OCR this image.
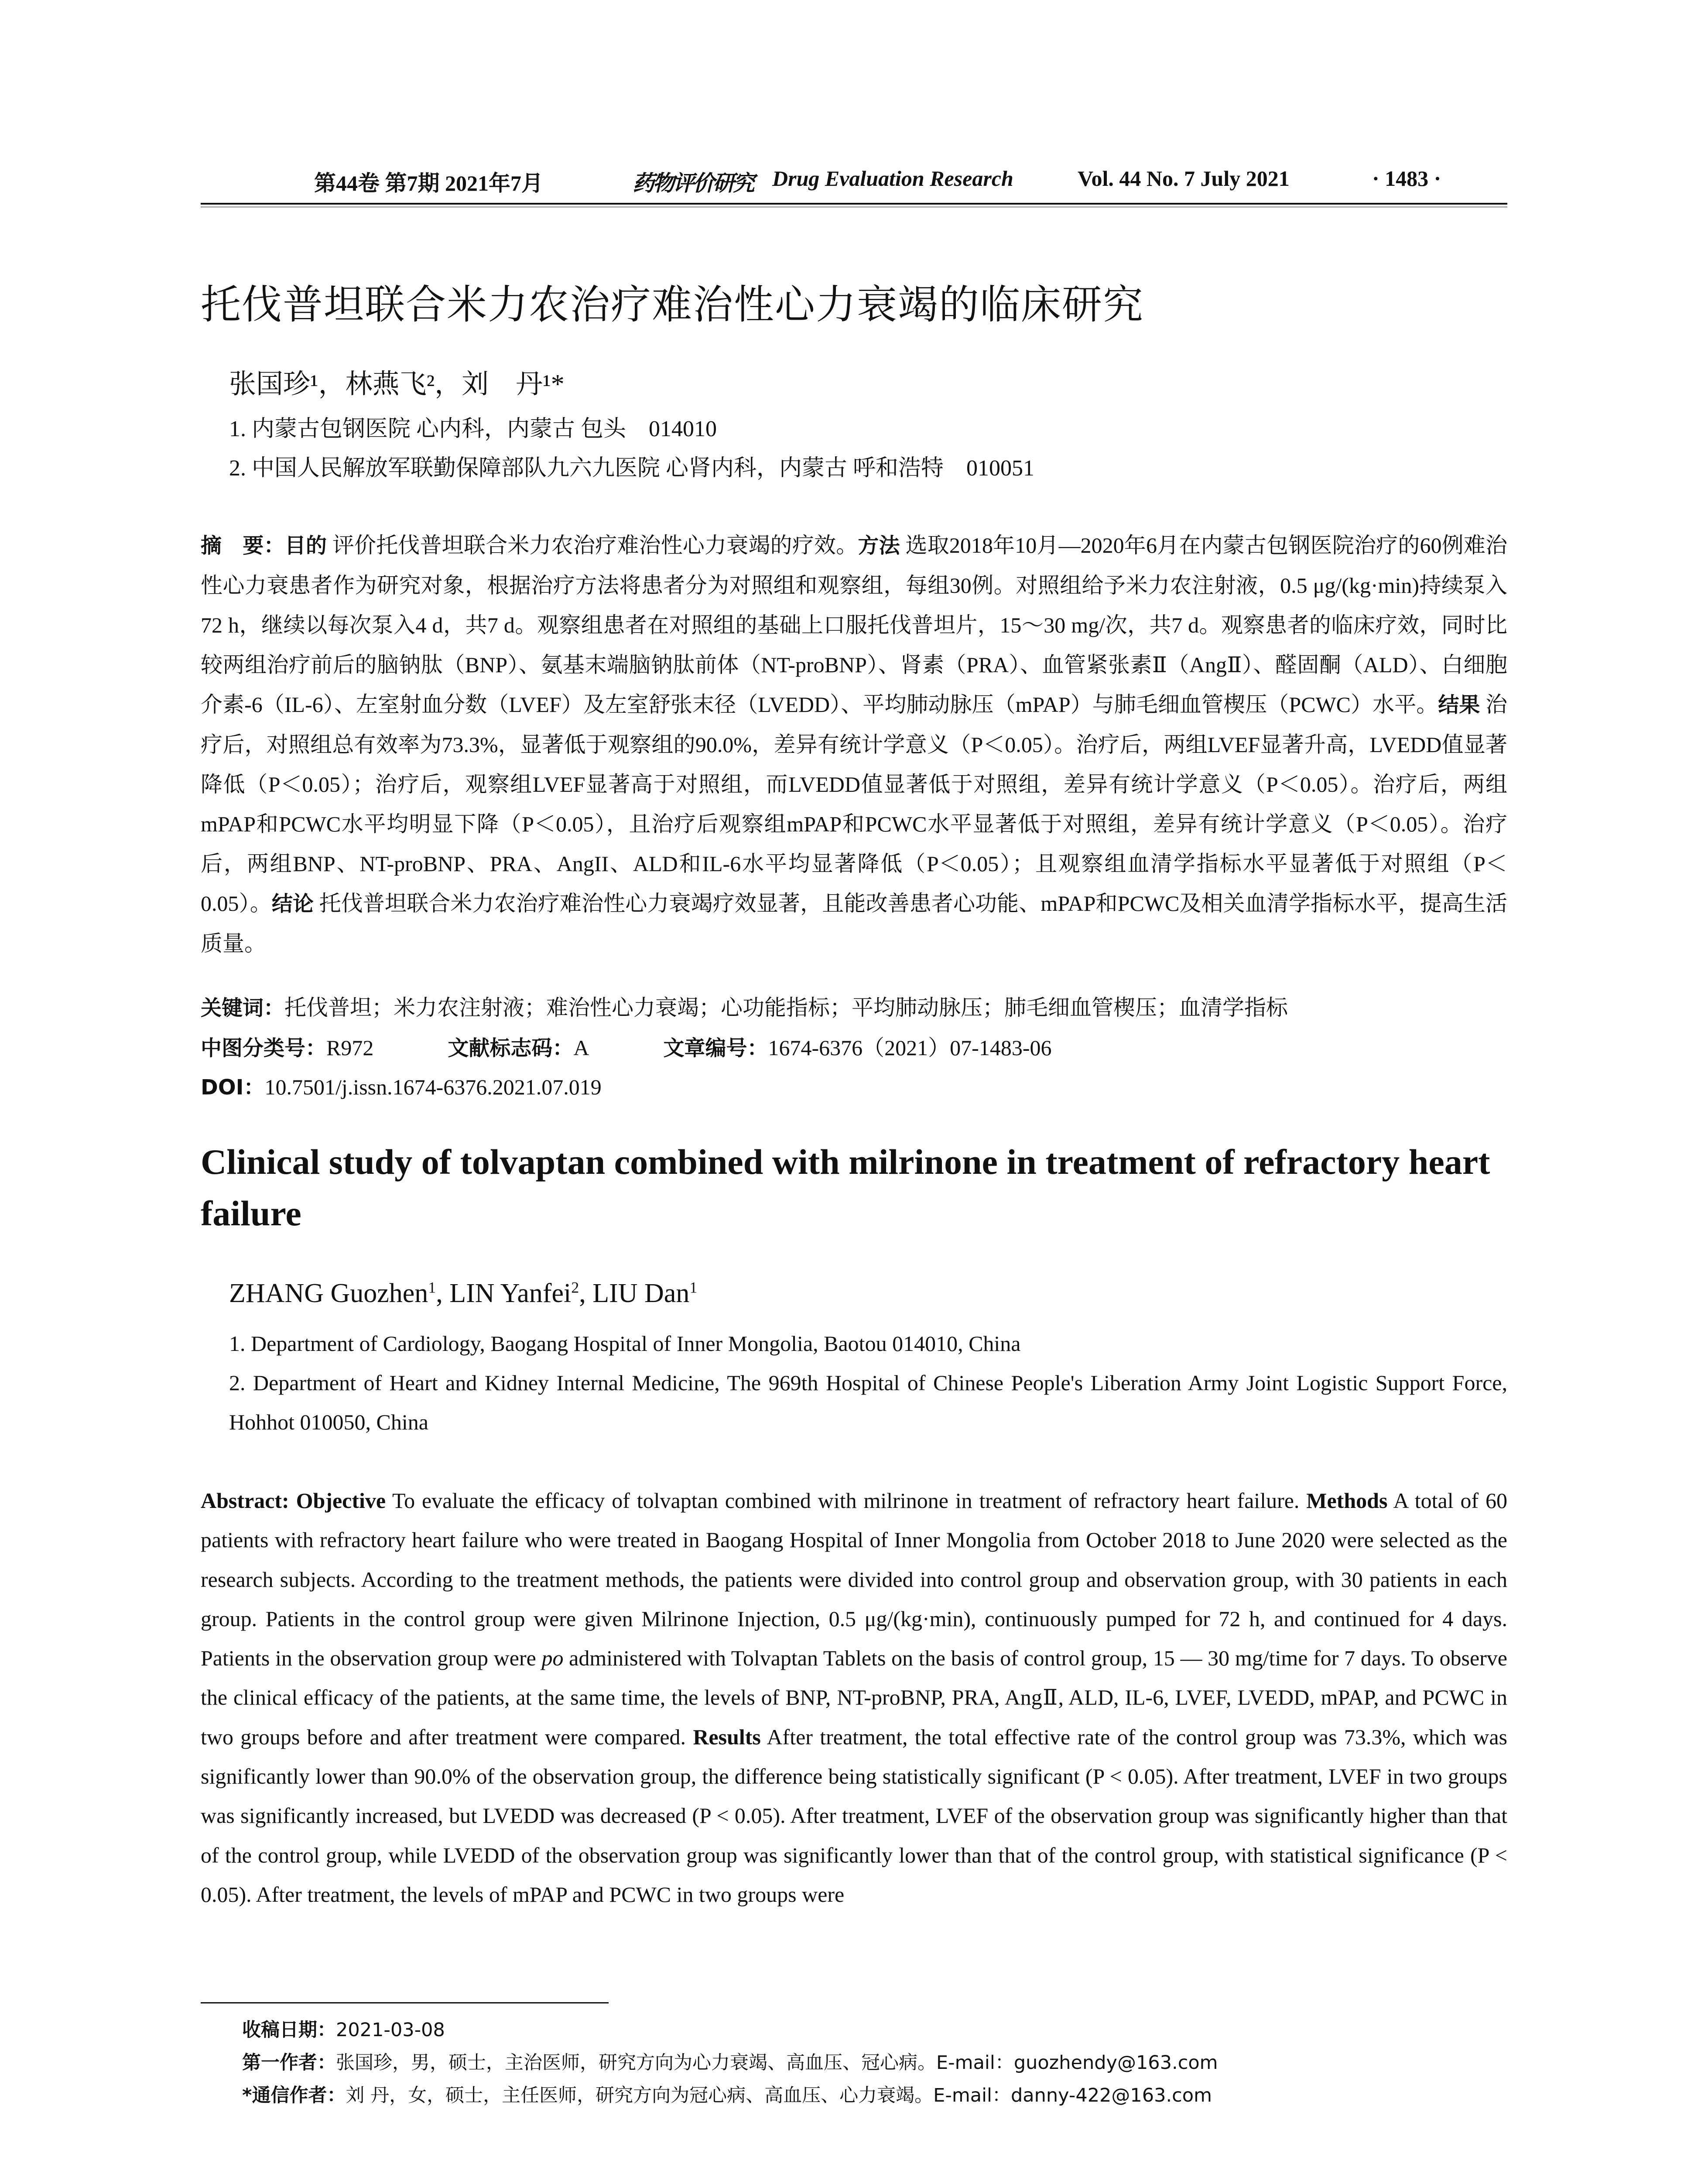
第44卷 第7期 2021年7月	药物评价研究 Drug Evaluation Research	Vol. 44 No. 7 July 2021	· 1483 ·
托伐普坦联合米力农治疗难治性心力衰竭的临床研究
张国珍¹，林燕飞²，刘　丹¹*
1. 内蒙古包钢医院 心内科，内蒙古 包头　014010
2. 中国人民解放军联勤保障部队九六九医院 心肾内科，内蒙古 呼和浩特　010051
摘　要：目的 评价托伐普坦联合米力农治疗难治性心力衰竭的疗效。方法 选取2018年10月—2020年6月在内蒙古包钢医院治疗的60例难治性心力衰患者作为研究对象，根据治疗方法将患者分为对照组和观察组，每组30例。对照组给予米力农注射液，0.5 μg/(kg·min)持续泵入72 h，继续以每次泵入4 d，共7 d。观察组患者在对照组的基础上口服托伐普坦片，15～30 mg/次，共7 d。观察患者的临床疗效，同时比较两组治疗前后的脑钠肽（BNP）、氨基末端脑钠肽前体（NT-proBNP）、肾素（PRA）、血管紧张素Ⅱ（AngⅡ）、醛固酮（ALD）、白细胞介素-6（IL-6）、左室射血分数（LVEF）及左室舒张末径（LVEDD）、平均肺动脉压（mPAP）与肺毛细血管楔压（PCWC）水平。结果 治疗后，对照组总有效率为73.3%，显著低于观察组的90.0%，差异有统计学意义（P＜0.05）。治疗后，两组LVEF显著升高，LVEDD值显著降低（P＜0.05）；治疗后，观察组LVEF显著高于对照组，而LVEDD值显著低于对照组，差异有统计学意义（P＜0.05）。治疗后，两组mPAP和PCWC水平均明显下降（P＜0.05），且治疗后观察组mPAP和PCWC水平显著低于对照组，差异有统计学意义（P＜0.05）。治疗后，两组BNP、NT-proBNP、PRA、AngII、ALD和IL-6水平均显著降低（P＜0.05）；且观察组血清学指标水平显著低于对照组（P＜0.05）。结论 托伐普坦联合米力农治疗难治性心力衰竭疗效显著，且能改善患者心功能、mPAP和PCWC及相关血清学指标水平，提高生活质量。
关键词：托伐普坦；米力农注射液；难治性心力衰竭；心功能指标；平均肺动脉压；肺毛细血管楔压；血清学指标
中图分类号：R972	文献标志码：A	文章编号：1674-6376（2021）07-1483-06
DOI：10.7501/j.issn.1674-6376.2021.07.019
Clinical study of tolvaptan combined with milrinone in treatment of refractory heart failure
ZHANG Guozhen$^1$, LIN Yanfei$^2$, LIU Dan$^1$
1. Department of Cardiology, Baogang Hospital of Inner Mongolia, Baotou 014010, China
2. Department of Heart and Kidney Internal Medicine, The 969th Hospital of Chinese People's Liberation Army Joint Logistic Support Force, Hohhot 010050, China
Abstract: Objective To evaluate the efficacy of tolvaptan combined with milrinone in treatment of refractory heart failure. Methods A total of 60 patients with refractory heart failure who were treated in Baogang Hospital of Inner Mongolia from October 2018 to June 2020 were selected as the research subjects. According to the treatment methods, the patients were divided into control group and observation group, with 30 patients in each group. Patients in the control group were given Milrinone Injection, 0.5 μg/(kg·min), continuously pumped for 72 h, and continued for 4 days. Patients in the observation group were po administered with Tolvaptan Tablets on the basis of control group, 15 — 30 mg/time for 7 days. To observe the clinical efficacy of the patients, at the same time, the levels of BNP, NT-proBNP, PRA, AngⅡ, ALD, IL-6, LVEF, LVEDD, mPAP, and PCWC in two groups before and after treatment were compared. Results After treatment, the total effective rate of the control group was 73.3%, which was significantly lower than 90.0% of the observation group, the difference being statistically significant (P < 0.05). After treatment, LVEF in two groups was significantly increased, but LVEDD was decreased (P < 0.05). After treatment, LVEF of the observation group was significantly higher than that of the control group, while LVEDD of the observation group was significantly lower than that of the control group, with statistical significance (P < 0.05). After treatment, the levels of mPAP and PCWC in two groups were
收稿日期：2021-03-08
第一作者：张国珍，男，硕士，主治医师，研究方向为心力衰竭、高血压、冠心病。E-mail：guozhendy@163.com
*通信作者：刘 丹，女，硕士，主任医师，研究方向为冠心病、高血压、心力衰竭。E-mail：danny-422@163.com
